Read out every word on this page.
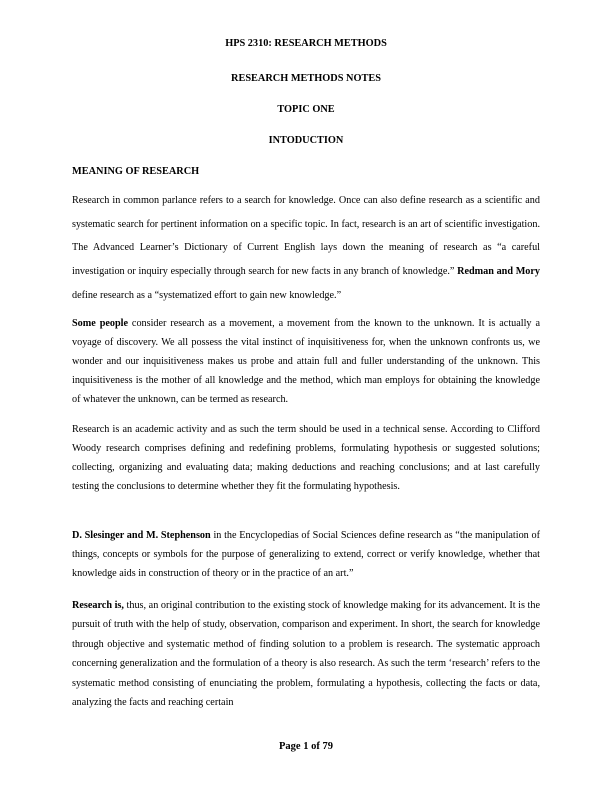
HPS 2310: RESEARCH METHODS

RESEARCH METHODS NOTES

TOPIC ONE

INTODUCTION

MEANING OF RESEARCH

Research in common parlance refers to a search for knowledge. Once can also define research as a scientific and systematic search for pertinent information on a specific topic. In fact, research is an art of scientific investigation. The Advanced Learner’s Dictionary of Current English lays down the meaning of research as “a careful investigation or inquiry especially through search for new facts in any branch of knowledge.” Redman and Mory define research as a “systematized effort to gain new knowledge.”

Some people consider research as a movement, a movement from the known to the unknown. It is actually a voyage of discovery. We all possess the vital instinct of inquisitiveness for, when the unknown confronts us, we wonder and our inquisitiveness makes us probe and attain full and fuller understanding of the unknown. This inquisitiveness is the mother of all knowledge and the method, which man employs for obtaining the knowledge of whatever the unknown, can be termed as research.

Research is an academic activity and as such the term should be used in a technical sense. According to Clifford Woody research comprises defining and redefining problems, formulating hypothesis or suggested solutions; collecting, organizing and evaluating data; making deductions and reaching conclusions; and at last carefully testing the conclusions to determine whether they fit the formulating hypothesis.

D. Slesinger and M. Stephenson in the Encyclopedias of Social Sciences define research as “the manipulation of things, concepts or symbols for the purpose of generalizing to extend, correct or verify knowledge, whether that knowledge aids in construction of theory or in the practice of an art.”

Research is, thus, an original contribution to the existing stock of knowledge making for its advancement. It is the pursuit of truth with the help of study, observation, comparison and experiment. In short, the search for knowledge through objective and systematic method of finding solution to a problem is research. The systematic approach concerning generalization and the formulation of a theory is also research. As such the term ‘research’ refers to the systematic method consisting of enunciating the problem, formulating a hypothesis, collecting the facts or data, analyzing the facts and reaching certain

Page 1 of 79
